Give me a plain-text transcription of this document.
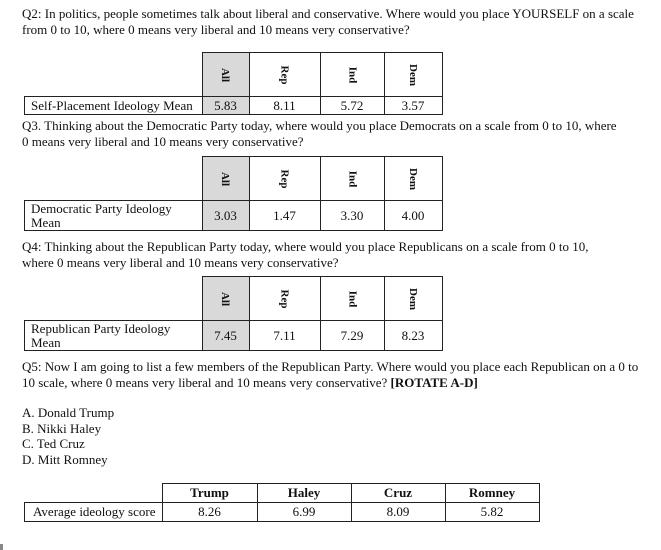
Q2: In politics, people sometimes talk about liberal and conservative. Where would you place YOURSELF on a scale from 0 to 10, where 0 means very liberal and 10 means very conservative?
	All	Rep	Ind	Dem
Self-Placement Ideology Mean	5.83	8.11	5.72	3.57
Q3. Thinking about the Democratic Party today, where would you place Democrats on a scale from 0 to 10, where 0 means very liberal and 10 means very conservative?
	All	Rep	Ind	Dem
Democratic Party Ideology Mean	3.03	1.47	3.30	4.00
Q4: Thinking about the Republican Party today, where would you place Republicans on a scale from 0 to 10, where 0 means very liberal and 10 means very conservative?
	All	Rep	Ind	Dem
Republican Party Ideology Mean	7.45	7.11	7.29	8.23
Q5: Now I am going to list a few members of the Republican Party. Where would you place each Republican on a 0 to 10 scale, where 0 means very liberal and 10 means very conservative? [ROTATE A-D]
A. Donald Trump
B. Nikki Haley
C. Ted Cruz
D. Mitt Romney
	Trump	Haley	Cruz	Romney
Average ideology score	8.26	6.99	8.09	5.82
